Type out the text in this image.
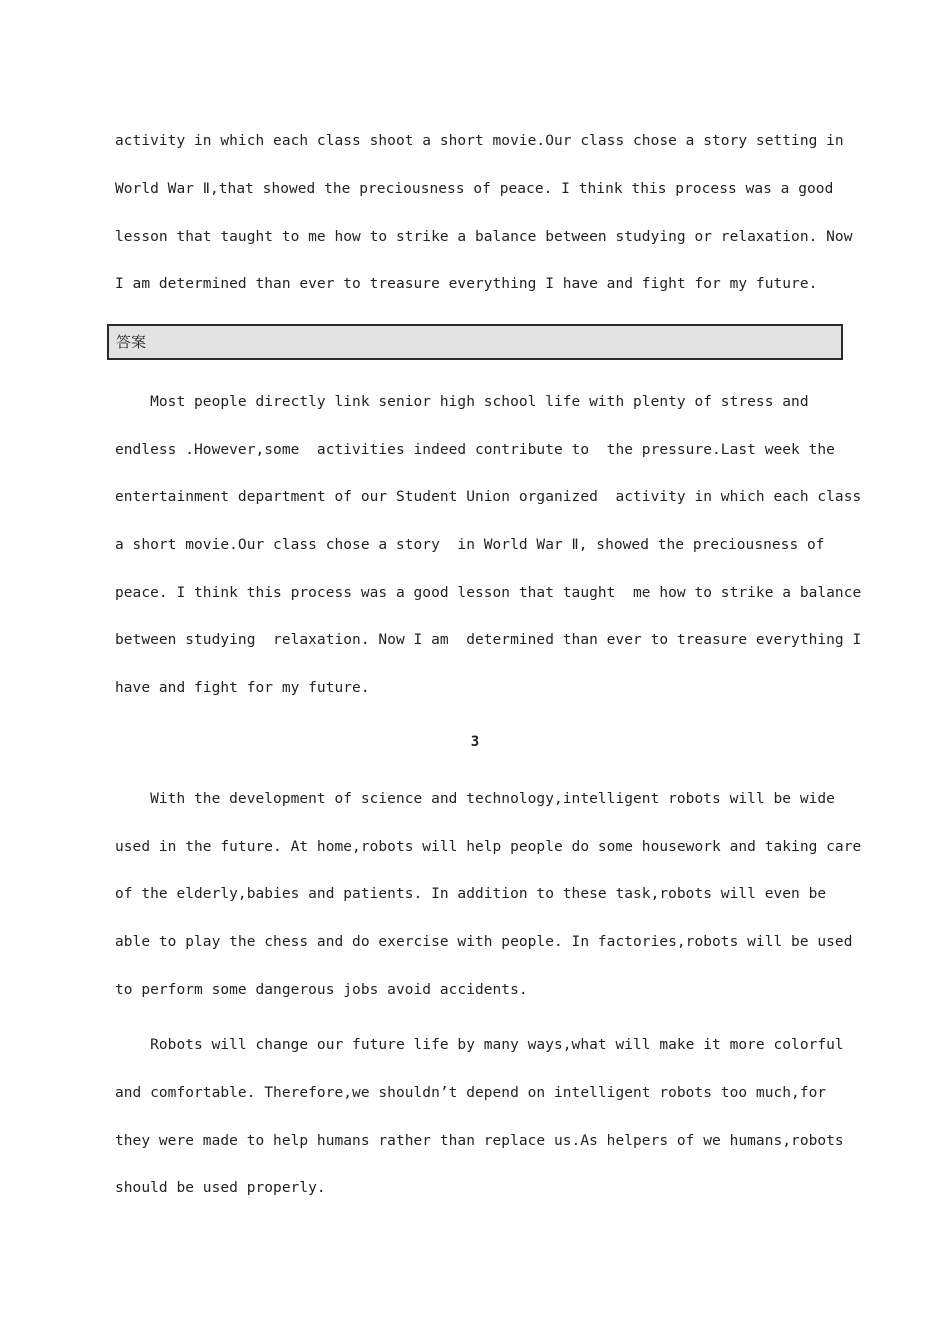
activity in which each class shoot a short movie.Our class chose a story setting in
World War Ⅱ,that showed the preciousness of peace. I think this process was a good
lesson that taught to me how to strike a balance between studying or relaxation. Now
I am determined than ever to treasure everything I have and fight for my future.
答案
Most people directly link senior high school life with plenty of stress and
endless .However,some  activities indeed contribute to  the pressure.Last week the
entertainment department of our Student Union organized  activity in which each class
a short movie.Our class chose a story  in World War Ⅱ, showed the preciousness of
peace. I think this process was a good lesson that taught  me how to strike a balance
between studying  relaxation. Now I am  determined than ever to treasure everything I
have and fight for my future.
3
With the development of science and technology,intelligent robots will be wide
used in the future. At home,robots will help people do some housework and taking care
of the elderly,babies and patients. In addition to these task,robots will even be
able to play the chess and do exercise with people. In factories,robots will be used
to perform some dangerous jobs avoid accidents.
Robots will change our future life by many ways,what will make it more colorful
and comfortable. Therefore,we shouldn’t depend on intelligent robots too much,for
they were made to help humans rather than replace us.As helpers of we humans,robots
should be used properly.
